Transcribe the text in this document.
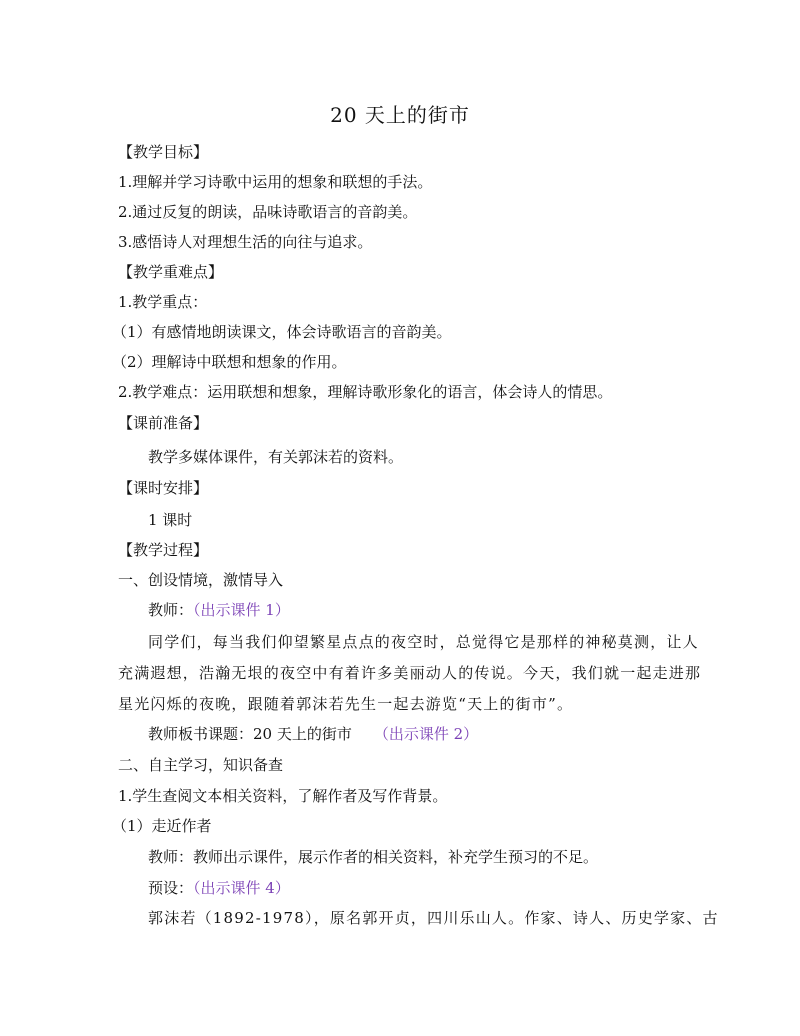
20 天上的街市
【教学目标】
1.理解并学习诗歌中运用的想象和联想的手法。
2.通过反复的朗读，品味诗歌语言的音韵美。
3.感悟诗人对理想生活的向往与追求。
【教学重难点】
1.教学重点：
（1）有感情地朗读课文，体会诗歌语言的音韵美。
（2）理解诗中联想和想象的作用。
2.教学难点：运用联想和想象，理解诗歌形象化的语言，体会诗人的情思。
【课前准备】
教学多媒体课件，有关郭沫若的资料。
【课时安排】
1 课时
【教学过程】
一、创设情境，激情导入
教师：（出示课件 1）
同学们，每当我们仰望繁星点点的夜空时，总觉得它是那样的神秘莫测，让人
充满遐想，浩瀚无垠的夜空中有着许多美丽动人的传说。今天，我们就一起走进那
星光闪烁的夜晚，跟随着郭沫若先生一起去游览“天上的街市”。
教师板书课题：20 天上的街市 （出示课件 2）
二、自主学习，知识备查
1.学生查阅文本相关资料，了解作者及写作背景。
（1）走近作者
教师：教师出示课件，展示作者的相关资料，补充学生预习的不足。
预设：（出示课件 4）
郭沫若（1892-1978），原名郭开贞，四川乐山人。作家、诗人、历史学家、古
